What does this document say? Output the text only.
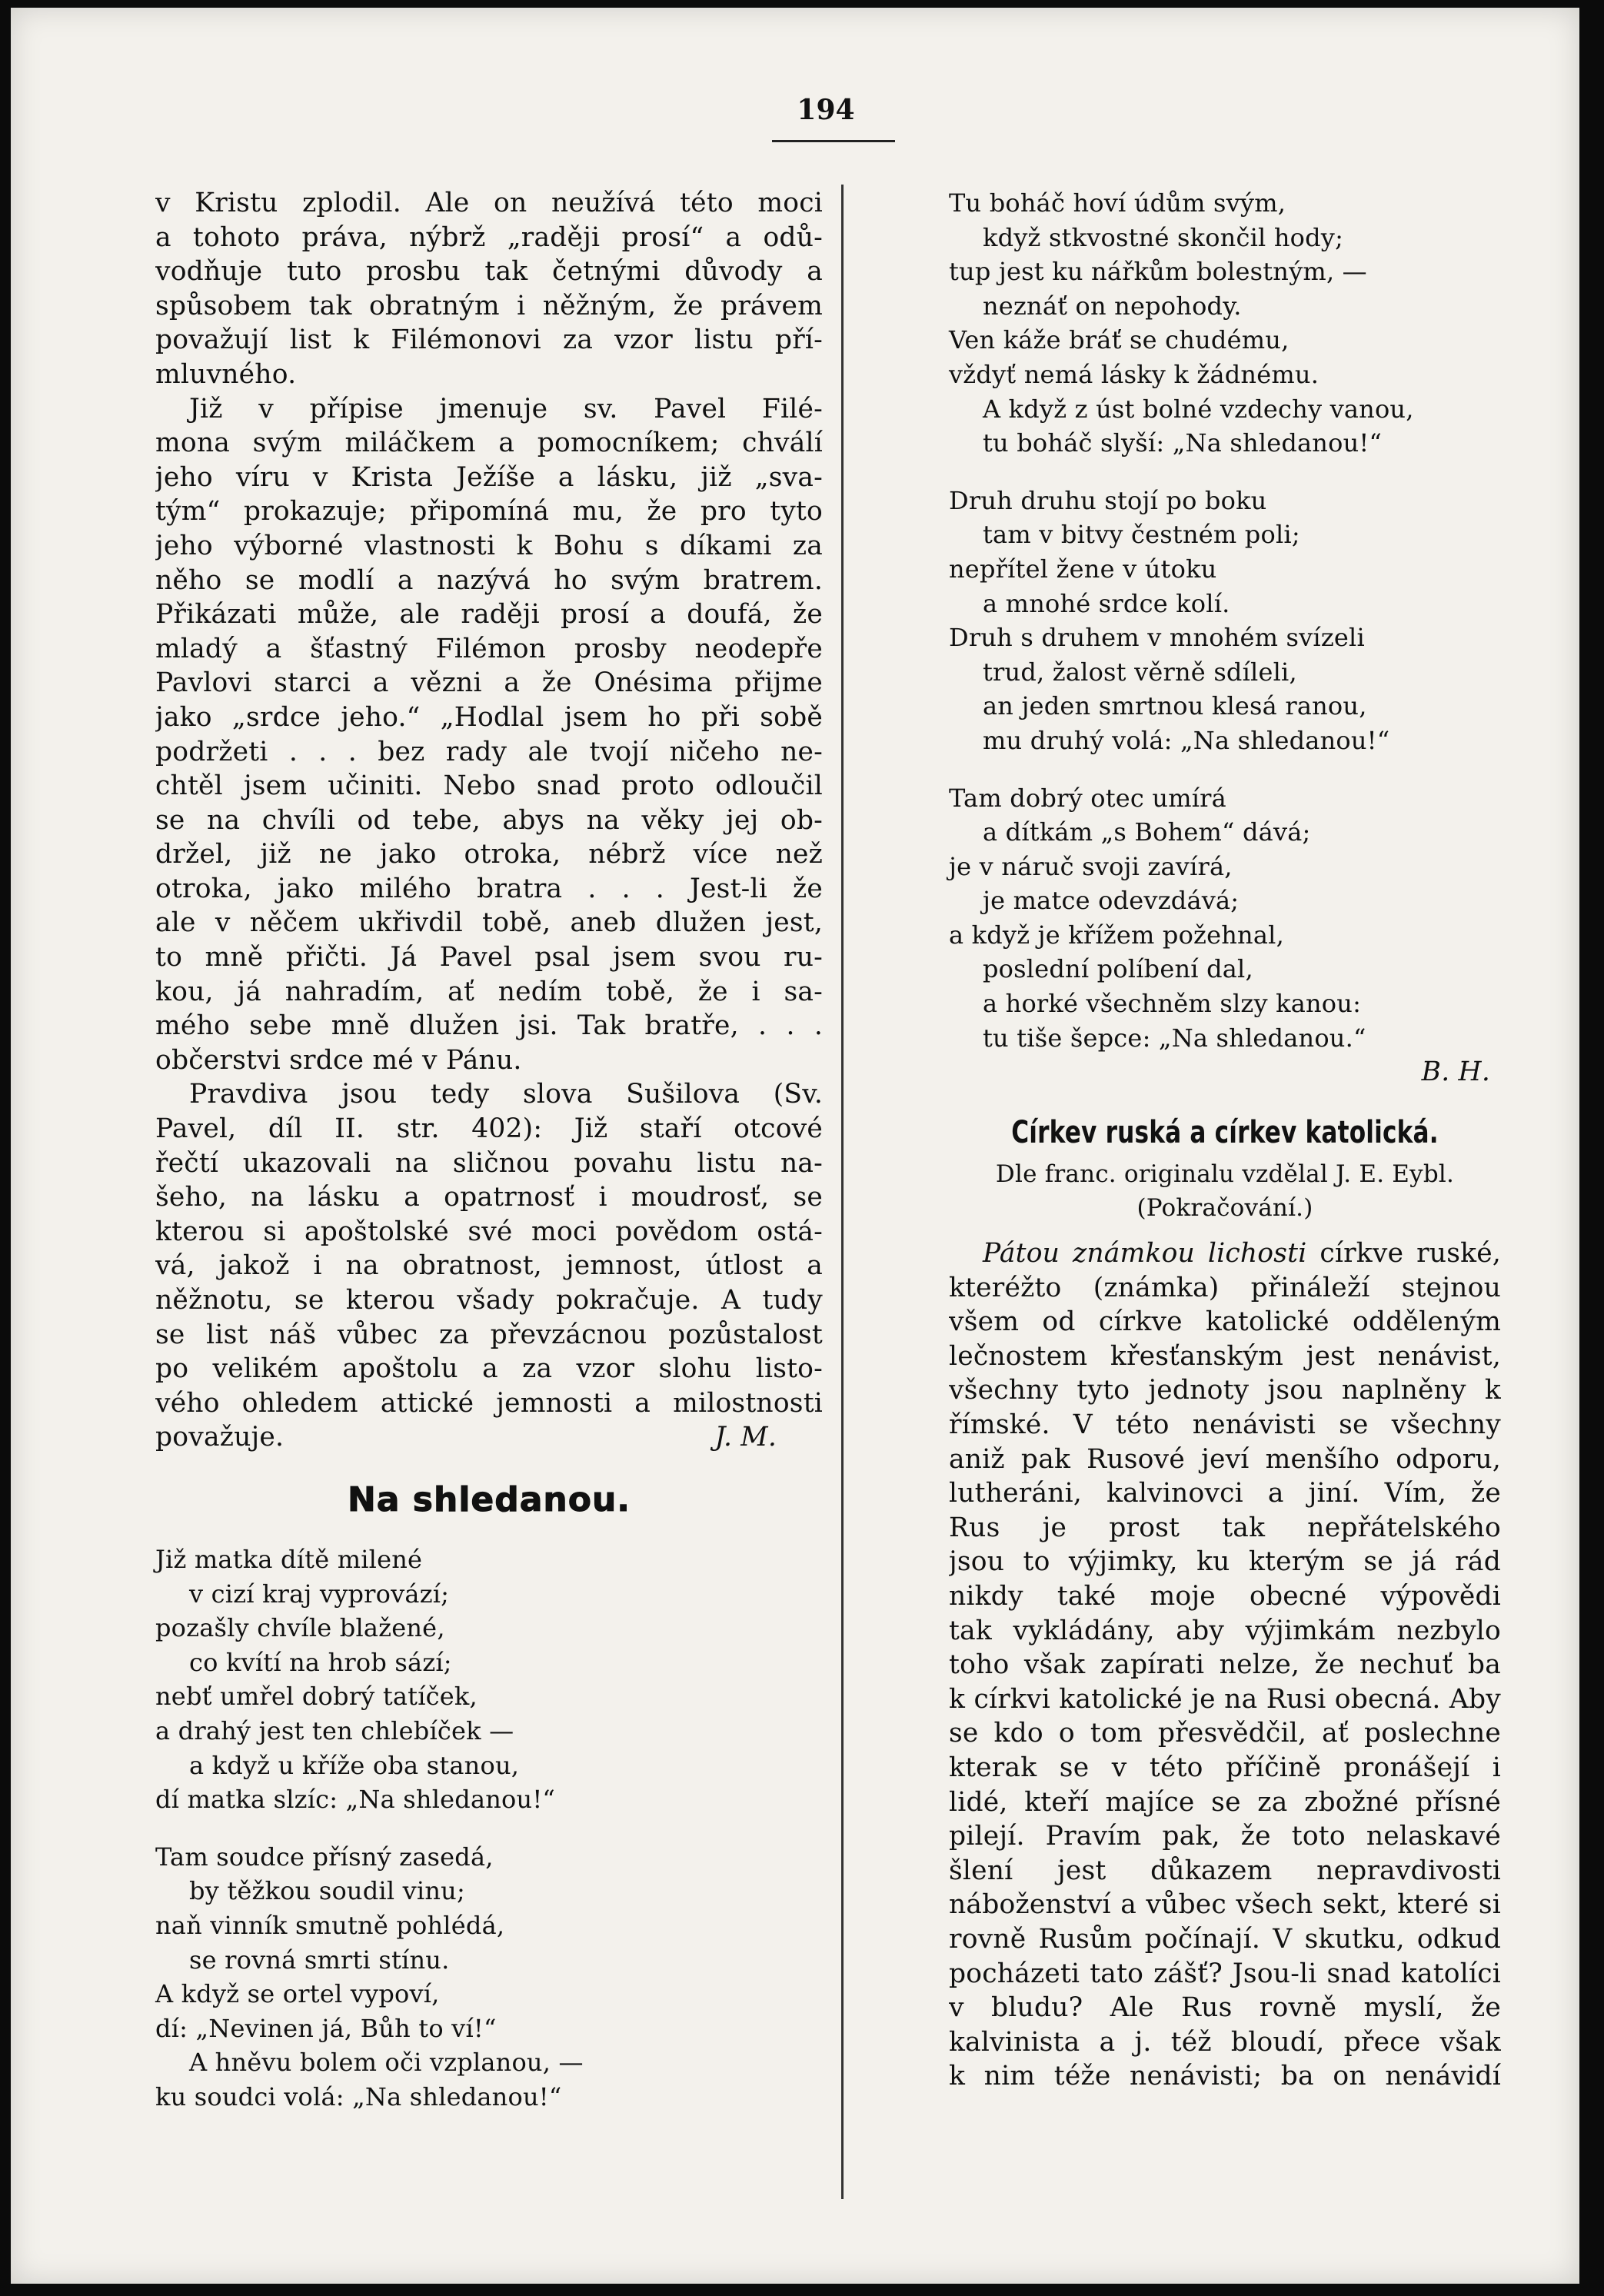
194
v Kristu zplodil. Ale on neužívá této moci
a tohoto práva, nýbrž „raději prosí“ a odů-
vodňuje tuto prosbu tak četnými důvody a
spůsobem tak obratným i něžným, že právem
považují list k Filémonovi za vzor listu pří-
mluvného.
Již v přípise jmenuje sv. Pavel Filé-
mona svým miláčkem a pomocníkem; chválí
jeho víru v Krista Ježíše a lásku, již „sva-
tým“ prokazuje; připomíná mu, že pro tyto
jeho výborné vlastnosti k Bohu s díkami za
něho se modlí a nazývá ho svým bratrem.
Přikázati může, ale raději prosí a doufá, že
mladý a šťastný Filémon prosby neodepře
Pavlovi starci a vězni a že Onésima přijme
jako „srdce jeho.“ „Hodlal jsem ho při sobě
podržeti . . . bez rady ale tvojí ničeho ne-
chtěl jsem učiniti. Nebo snad proto odloučil
se na chvíli od tebe, abys na věky jej ob-
držel, již ne jako otroka, nébrž více než
otroka, jako milého bratra . . . Jest-li že
ale v něčem ukřivdil tobě, aneb dlužen jest,
to mně přičti. Já Pavel psal jsem svou ru-
kou, já nahradím, ať nedím tobě, že i sa-
mého sebe mně dlužen jsi. Tak bratře, . . .
občerstvi srdce mé v Pánu.
Pravdiva jsou tedy slova Sušilova (Sv.
Pavel, díl II. str. 402): Již staří otcové
řečtí ukazovali na sličnou povahu listu na-
šeho, na lásku a opatrnosť i moudrosť, se
kterou si apoštolské své moci povědom ostá-
vá, jakož i na obratnost, jemnost, útlost a
něžnotu, se kterou všady pokračuje. A tudy
se list náš vůbec za převzácnou pozůstalost
po velikém apoštolu a za vzor slohu listo-
vého ohledem attické jemnosti a milostnosti
považuje.	J. M.
Na shledanou.
Již matka dítě milené
v cizí kraj vyprovází;
pozašly chvíle blažené,
co kvítí na hrob sází;
nebť umřel dobrý tatíček,
a drahý jest ten chlebíček —
a když u kříže oba stanou,
dí matka slzíc: „Na shledanou!“
Tam soudce přísný zasedá,
by těžkou soudil vinu;
naň vinník smutně pohlédá,
se rovná smrti stínu.
A když se ortel vypoví,
dí: „Nevinen já, Bůh to ví!“
A hněvu bolem oči vzplanou, —
ku soudci volá: „Na shledanou!“
Tu boháč hoví údům svým,
když stkvostné skončil hody;
tup jest ku nářkům bolestným, —
neznáť on nepohody.
Ven káže bráť se chudému,
vždyť nemá lásky k žádnému.
A když z úst bolné vzdechy vanou,
tu boháč slyší: „Na shledanou!“
Druh druhu stojí po boku
tam v bitvy čestném poli;
nepřítel žene v útoku
a mnohé srdce kolí.
Druh s druhem v mnohém svízeli
trud, žalost věrně sdíleli,
an jeden smrtnou klesá ranou,
mu druhý volá: „Na shledanou!“
Tam dobrý otec umírá
a dítkám „s Bohem“ dává;
je v náruč svoji zavírá,
je matce odevzdává;
a když je křížem požehnal,
poslední políbení dal,
a horké všechněm slzy kanou:
tu tiše šepce: „Na shledanou.“
B. H.
Církev ruská a církev katolická.
Dle franc. originalu vzdělal J. E. Eybl.
(Pokračování.)
Pátou známkou lichosti církve ruské,
kteréžto (známka) přináleží stejnou
všem od církve katolické odděleným
lečnostem křesťanským jest nenávist,
všechny tyto jednoty jsou naplněny k
římské. V této nenávisti se všechny
aniž pak Rusové jeví menšího odporu,
lutheráni, kalvinovci a jiní. Vím, že
Rus je prost tak nepřátelského
jsou to výjimky, ku kterým se já rád
nikdy také moje obecné výpovědi
tak vykládány, aby výjimkám nezbylo
toho však zapírati nelze, že nechuť ba
k církvi katolické je na Rusi obecná. Aby
se kdo o tom přesvědčil, ať poslechne
kterak se v této příčině pronášejí i
lidé, kteří majíce se za zbožné přísné
pilejí. Pravím pak, že toto nelaskavé
šlení jest důkazem nepravdivosti
náboženství a vůbec všech sekt, které si
rovně Rusům počínají. V skutku, odkud
pocházeti tato zášť? Jsou-li snad katolíci
v bludu? Ale Rus rovně myslí, že
kalvinista a j. též bloudí, přece však
k nim téže nenávisti; ba on nenávidí
